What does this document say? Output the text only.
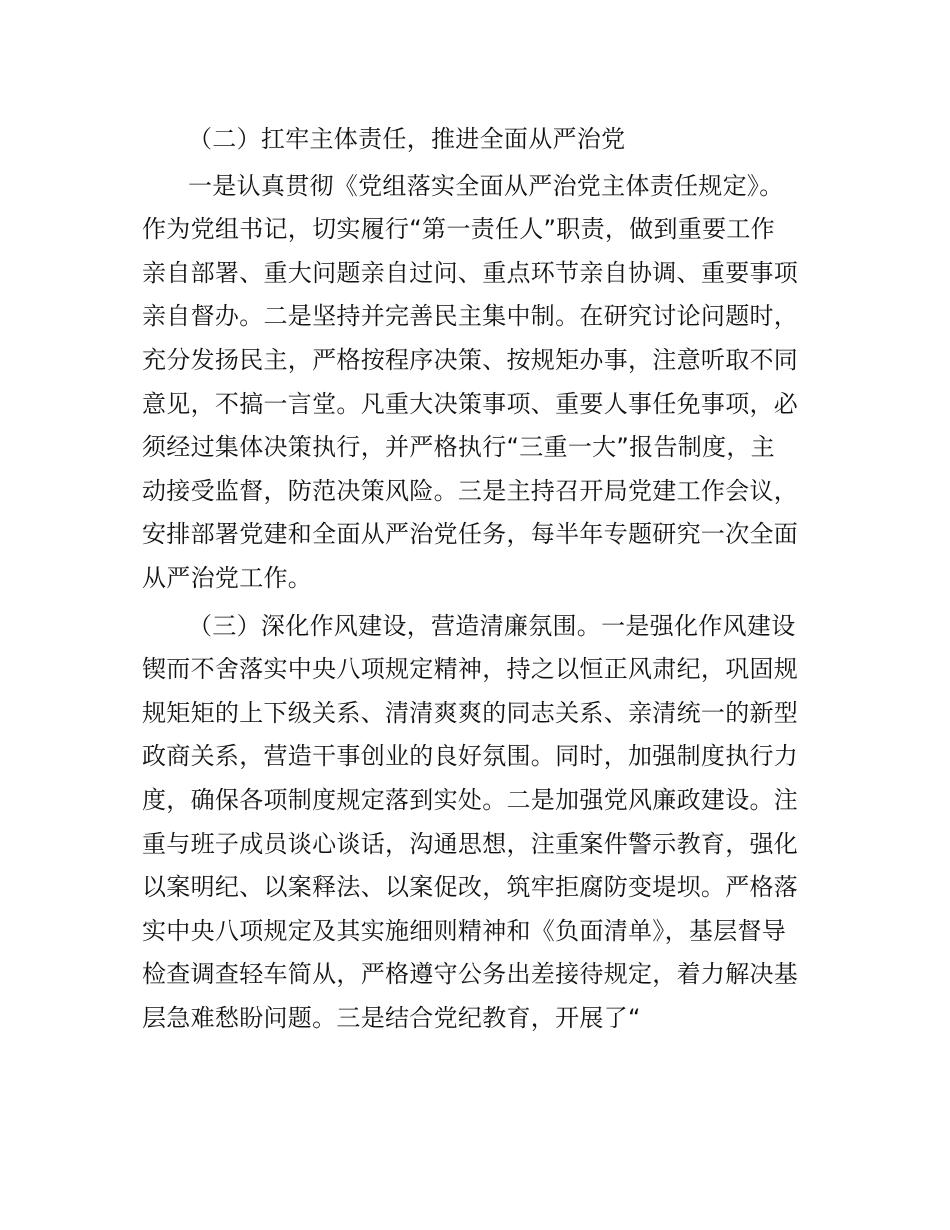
（二）扛牢主体责任，推进全面从严治党
一是认真贯彻《党组落实全面从严治党主体责任规定》。
作为党组书记，切实履行“第一责任人”职责，做到重要工作
亲自部署、重大问题亲自过问、重点环节亲自协调、重要事项
亲自督办。二是坚持并完善民主集中制。在研究讨论问题时，
充分发扬民主，严格按程序决策、按规矩办事，注意听取不同
意见，不搞一言堂。凡重大决策事项、重要人事任免事项，必
须经过集体决策执行，并严格执行“三重一大”报告制度，主
动接受监督，防范决策风险。三是主持召开局党建工作会议，
安排部署党建和全面从严治党任务，每半年专题研究一次全面
从严治党工作。
（三）深化作风建设，营造清廉氛围。一是强化作风建设
锲而不舍落实中央八项规定精神，持之以恒正风肃纪，巩固规
规矩矩的上下级关系、清清爽爽的同志关系、亲清统一的新型
政商关系，营造干事创业的良好氛围。同时，加强制度执行力
度，确保各项制度规定落到实处。二是加强党风廉政建设。注
重与班子成员谈心谈话，沟通思想，注重案件警示教育，强化
以案明纪、以案释法、以案促改，筑牢拒腐防变堤坝。严格落
实中央八项规定及其实施细则精神和《负面清单》，基层督导
检查调查轻车简从，严格遵守公务出差接待规定，着力解决基
层急难愁盼问题。三是结合党纪教育，开展了“
